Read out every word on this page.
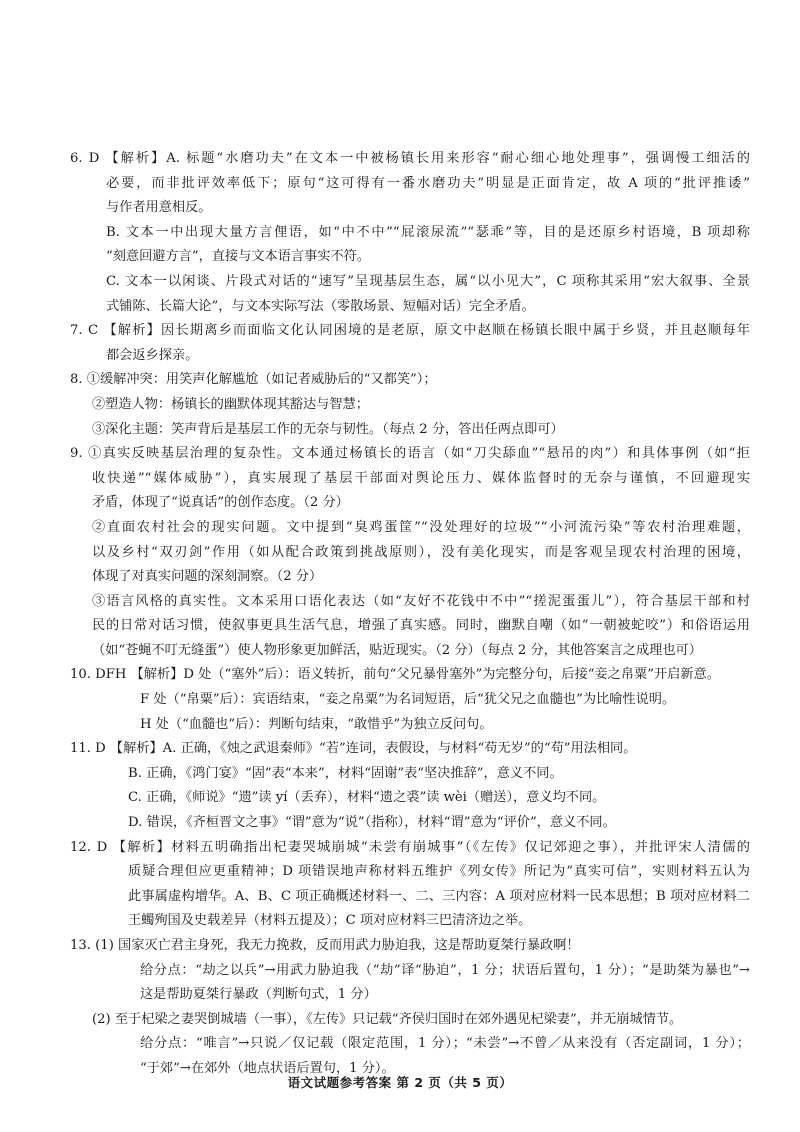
6. D 【解析】A. 标题“水磨功夫”在文本一中被杨镇长用来形容“耐心细心地处理事”，强调慢工细活的
必要，而非批评效率低下；原句“这可得有一番水磨功夫”明显是正面肯定，故 A 项的“批评推诿”
与作者用意相反。
B. 文本一中出现大量方言俚语，如“中不中”“屁滚尿流”“瑟乖”等，目的是还原乡村语境，B 项却称
“刻意回避方言”，直接与文本语言事实不符。
C. 文本一以闲谈、片段式对话的“速写”呈现基层生态，属“以小见大”，C 项称其采用“宏大叙事、全景
式铺陈、长篇大论”，与文本实际写法（零散场景、短幅对话）完全矛盾。
7. C 【解析】因长期离乡而面临文化认同困境的是老原，原文中赵顺在杨镇长眼中属于乡贤，并且赵顺每年
都会返乡探亲。
8. ①缓解冲突：用笑声化解尴尬（如记者威胁后的“又都笑”）；
②塑造人物：杨镇长的幽默体现其豁达与智慧；
③深化主题：笑声背后是基层工作的无奈与韧性。（每点 2 分，答出任两点即可）
9. ①真实反映基层治理的复杂性。文本通过杨镇长的语言（如“刀尖舔血”“悬吊的肉”）和具体事例（如“拒
收快递”“媒体威胁”），真实展现了基层干部面对舆论压力、媒体监督时的无奈与谨慎，不回避现实
矛盾，体现了“说真话”的创作态度。（2 分）
②直面农村社会的现实问题。文中提到“臭鸡蛋筐”“没处理好的垃圾”“小河流污染”等农村治理难题，
以及乡村“双刃剑”作用（如从配合政策到挑战原则），没有美化现实，而是客观呈现农村治理的困境，
体现了对真实问题的深刻洞察。（2 分）
③语言风格的真实性。文本采用口语化表达（如“友好不花钱中不中”“搓泥蛋蛋儿”），符合基层干部和村
民的日常对话习惯，使叙事更具生活气息，增强了真实感。同时，幽默自嘲（如“一朝被蛇咬”）和俗语运用
（如“苍蝇不叮无缝蛋”）使人物形象更加鲜活，贴近现实。（2 分）（每点 2 分，其他答案言之成理也可）
10. DFH 【解析】D 处（“塞外”后）：语义转折，前句“父兄暴骨塞外”为完整分句，后接“妾之帛粟”开启新意。
F 处（“帛粟”后）：宾语结束，“妾之帛粟”为名词短语，后“犹父兄之血髓也”为比喻性说明。
H 处（“血髓也”后）：判断句结束，“敢惜乎”为独立反问句。
11. D 【解析】A. 正确，《烛之武退秦师》“若”连词，表假设，与材料“苟无岁”的“苟”用法相同。
B. 正确，《鸿门宴》“固”表“本来”，材料“固谢”表“坚决推辞”，意义不同。
C. 正确，《师说》“遗”读 yí（丢弃），材料“遗之裘”读 wèi（赠送），意义均不同。
D. 错误，《齐桓晋文之事》“谓”意为“说”（指称），材料“谓”意为“评价”，意义不同。
12. D 【解析】材料五明确指出杞妻哭城崩城“未尝有崩城事”（《左传》仅记郊迎之事），并批评宋人清儒的
质疑合理但应更重精神；D 项错误地声称材料五维护《列女传》所记为“真实可信”，实则材料五认为
此事属虚构增华。A、B、C 项正确概述材料一、二、三内容：A 项对应材料一民本思想；B 项对应材料二
王蠋殉国及史载差异（材料五提及）；C 项对应材料三巴清济边之举。
13. (1) 国家灭亡君主身死，我无力挽救，反而用武力胁迫我，这是帮助夏桀行暴政啊！
给分点：“劫之以兵”→用武力胁迫我（“劫”译“胁迫”，1 分；状语后置句，1 分）；“是助桀为暴也”→
这是帮助夏桀行暴政（判断句式，1 分）
(2) 至于杞梁之妻哭倒城墙（一事），《左传》只记载“齐侯归国时在郊外遇见杞梁妻”，并无崩城情节。
给分点：“唯言”→只说／仅记载（限定范围，1 分）；“未尝”→不曾／从来没有（否定副词，1 分）；
“于郊”→在郊外（地点状语后置句，1 分）。
语文试题参考答案 第 2 页（共 5 页）
